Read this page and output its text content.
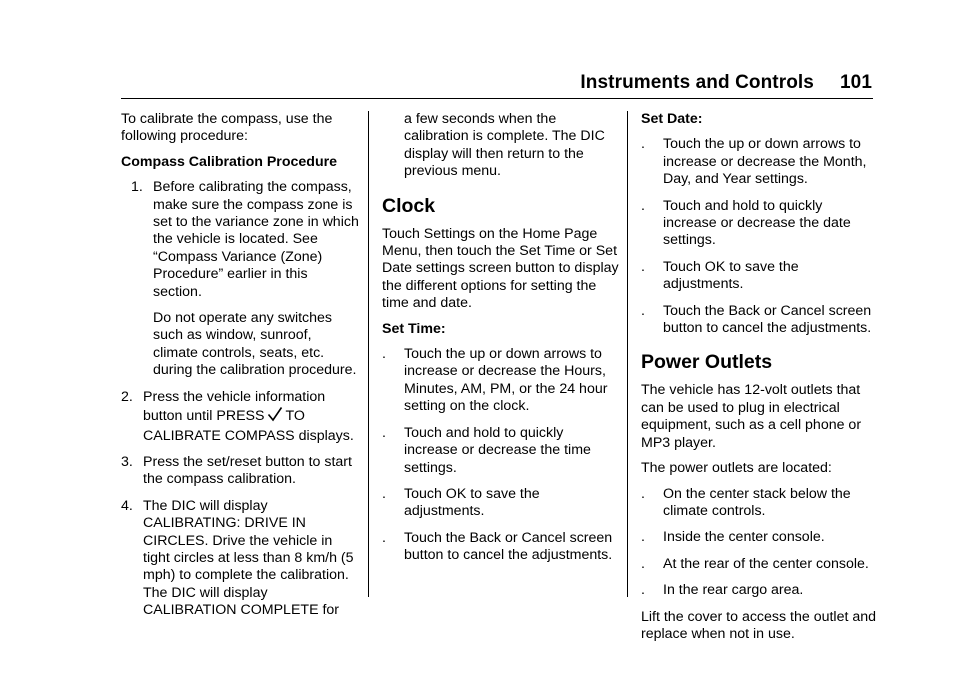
Instruments and Controls 101

To calibrate the compass, use the following procedure:

Compass Calibration Procedure

1. Before calibrating the compass, make sure the compass zone is set to the variance zone in which the vehicle is located. See “Compass Variance (Zone) Procedure” earlier in this section.
Do not operate any switches such as window, sunroof, climate controls, seats, etc. during the calibration procedure.
2. Press the vehicle information button until PRESS TO CALIBRATE COMPASS displays.
3. Press the set/reset button to start the compass calibration.
4. The DIC will display CALIBRATING: DRIVE IN CIRCLES. Drive the vehicle in tight circles at less than 8 km/h (5 mph) to complete the calibration. The DIC will display CALIBRATION COMPLETE for

a few seconds when the calibration is complete. The DIC display will then return to the previous menu.

Clock

Touch Settings on the Home Page Menu, then touch the Set Time or Set Date settings screen button to display the different options for setting the time and date.

Set Time:

. Touch the up or down arrows to increase or decrease the Hours, Minutes, AM, PM, or the 24 hour setting on the clock.
. Touch and hold to quickly increase or decrease the time settings.
. Touch OK to save the adjustments.
. Touch the Back or Cancel screen button to cancel the adjustments.

Set Date:

. Touch the up or down arrows to increase or decrease the Month, Day, and Year settings.
. Touch and hold to quickly increase or decrease the date settings.
. Touch OK to save the adjustments.
. Touch the Back or Cancel screen button to cancel the adjustments.
Power Outlets

The vehicle has 12-volt outlets that can be used to plug in electrical equipment, such as a cell phone or MP3 player.

The power outlets are located:

. On the center stack below the climate controls.
. Inside the center console.
. At the rear of the center console.
. In the rear cargo area.

Lift the cover to access the outlet and replace when not in use.
